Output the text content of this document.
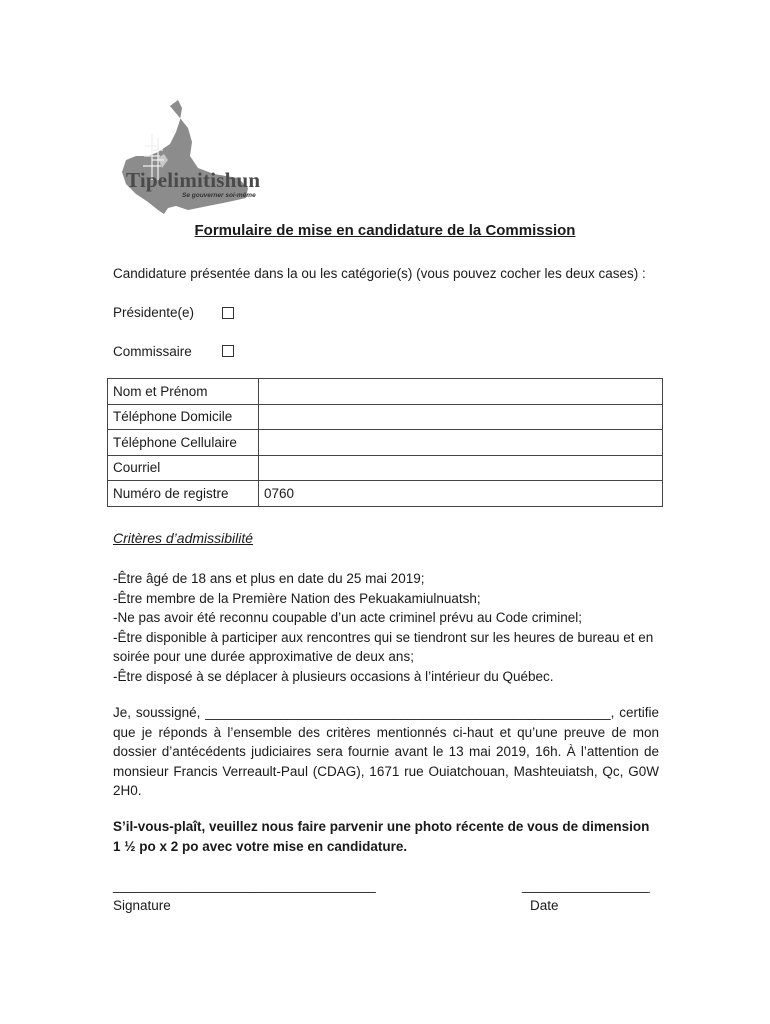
Tipelimitishun
Se gouverner soi-même
Formulaire de mise en candidature de la Commission
Candidature présentée dans la ou les catégorie(s) (vous pouvez cocher les deux cases) :
Présidente(e)
Commissaire
Nom et Prénom	
Téléphone Domicile	
Téléphone Cellulaire	
Courriel	
Numéro de registre	0760
Critères d’admissibilité
-Être âgé de 18 ans et plus en date du 25 mai 2019;
-Être membre de la Première Nation des Pekuakamiulnuatsh;
-Ne pas avoir été reconnu coupable d’un acte criminel prévu au Code criminel;
-Être disponible à participer aux rencontres qui se tiendront sur les heures de bureau et en soirée pour une durée approximative de deux ans;
-Être disposé à se déplacer à plusieurs occasions à l’intérieur du Québec.
Je, soussigné, ______________________________________________________, certifie que je réponds à l’ensemble des critères mentionnés ci-haut et qu’une preuve de mon dossier d’antécédents judiciaires sera fournie avant le 13 mai 2019, 16h. À l’attention de monsieur Francis Verreault-Paul (CDAG), 1671 rue Ouiatchouan, Mashteuiatsh, Qc, G0W 2H0.
S’il-vous-plaît, veuillez nous faire parvenir une photo récente de vous de dimension 1 ½ po x 2 po avec votre mise en candidature.
___________________________________
Signature
_________________
Date
